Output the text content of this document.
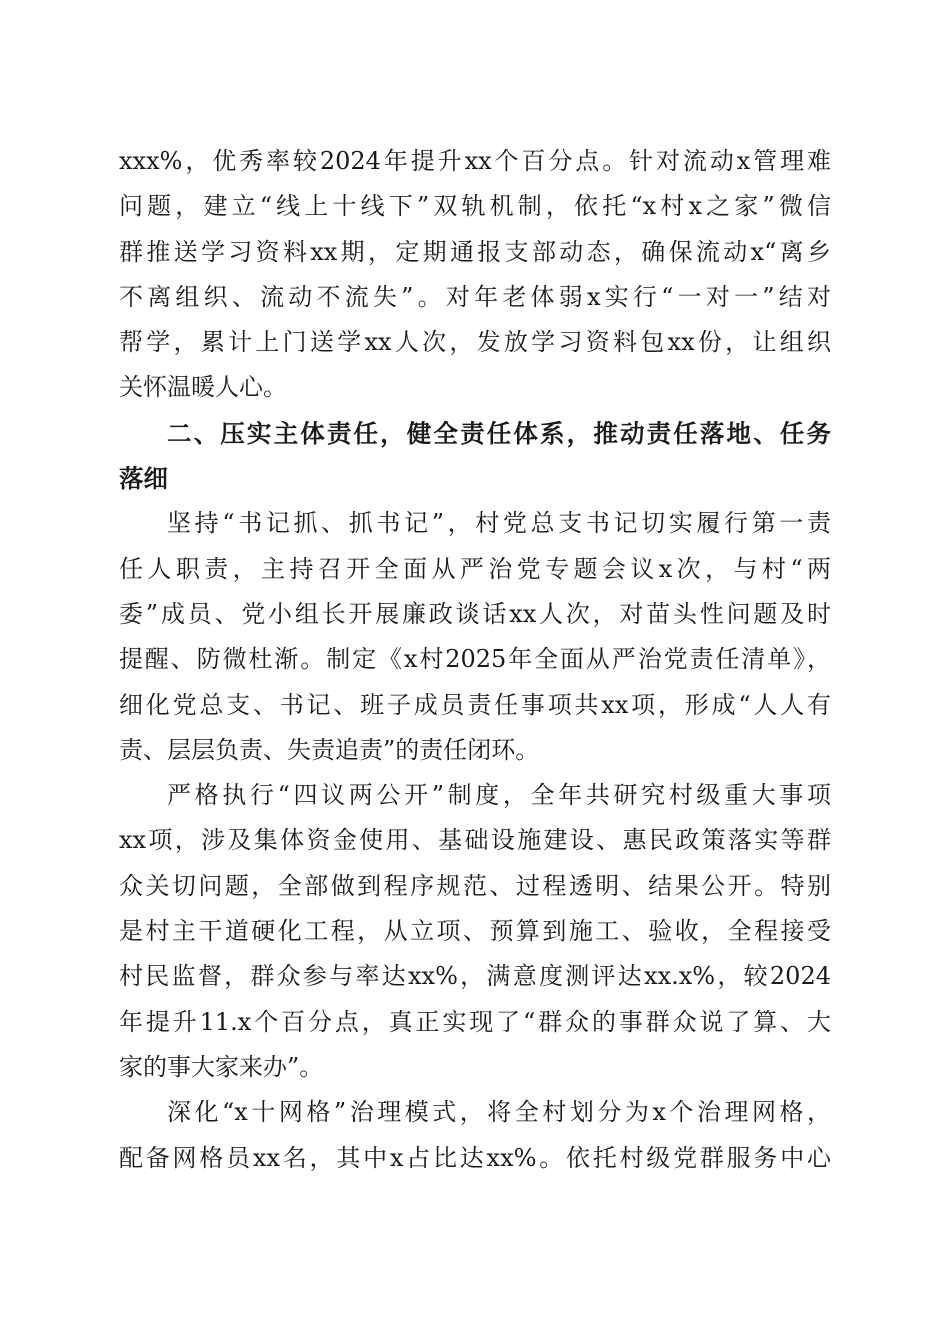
xxx%，优秀率较2024年提升xx个百分点。针对流动x管理难
问题，建立“线上十线下”双轨机制，依托“x村x之家”微信
群推送学习资料xx期，定期通报支部动态，确保流动x“离乡
不离组织、流动不流失”。对年老体弱x实行“一对一”结对
帮学，累计上门送学xx人次，发放学习资料包xx份，让组织
关怀温暖人心。
二、压实主体责任，健全责任体系，推动责任落地、任务
落细
坚持“书记抓、抓书记”，村党总支书记切实履行第一责
任人职责，主持召开全面从严治党专题会议x次，与村“两
委”成员、党小组长开展廉政谈话xx人次，对苗头性问题及时
提醒、防微杜渐。制定《x村2025年全面从严治党责任清单》，
细化党总支、书记、班子成员责任事项共xx项，形成“人人有
责、层层负责、失责追责”的责任闭环。
严格执行“四议两公开”制度，全年共研究村级重大事项
xx项，涉及集体资金使用、基础设施建设、惠民政策落实等群
众关切问题，全部做到程序规范、过程透明、结果公开。特别
是村主干道硬化工程，从立项、预算到施工、验收，全程接受
村民监督，群众参与率达xx%，满意度测评达xx.x%，较2024
年提升11.x个百分点，真正实现了“群众的事群众说了算、大
家的事大家来办”。
深化“x十网格”治理模式，将全村划分为x个治理网格，
配备网格员xx名，其中x占比达xx%。依托村级党群服务中心
